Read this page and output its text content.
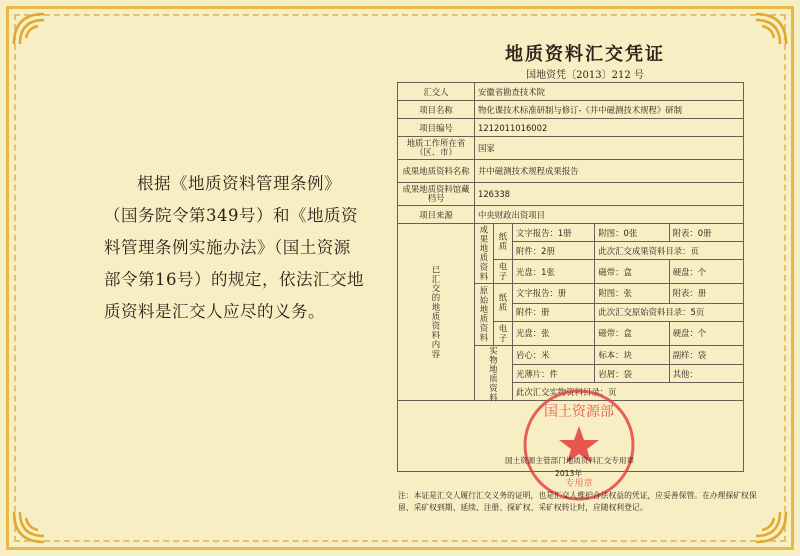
根据《地质资料管理条例》（国务院令第349号）和《地质资料管理条例实施办法》（国土资源部令第16号）的规定，依法汇交地质资料是汇交人应尽的义务。

地质资料汇交凭证
国地资凭〔2013〕212 号
汇交人	安徽省勘查技术院				
项目名称	物化谍技术标准研制与修订-《井中磁测技术规程》研制				
项目编号	1212011016002				
地质工作所在省（区、市）	国家				
成果地质资料名称	井中磁测技术规程成果报告				
成果地质资料馆藏档号	126338				
项目来源	中央财政出资项目				
已汇交的地质资料内容	成果地质资料	纸质	文字报告：1册	附图：0张	附表：0册
			附件：2册	此次汇交成果资料目录：页	
		电子	光盘：1张	磁带：盒	硬盘：个
	原始地质资料	纸质	文字报告：册	附图：张	附表：册
			附件：册	此次汇交原始资料目录：5页	
		电子	光盘：张	磁带：盒	硬盘：个
	实物地质资料		岩心：米	标本：块	副样：袋
			光薄片：件	岩屑：袋	其他：
			此次汇交实物资料目录：页		

国土资源部
专用章
国土资源主管部门地质资料汇交专用章
2013年
注：本证是汇交人履行汇交义务的证明，也是汇交人维护合法权益的凭证，应妥善保管。在办理探矿权保留、采矿权到期、延续、注册、探矿权、采矿权转让时，应随权利登记。
